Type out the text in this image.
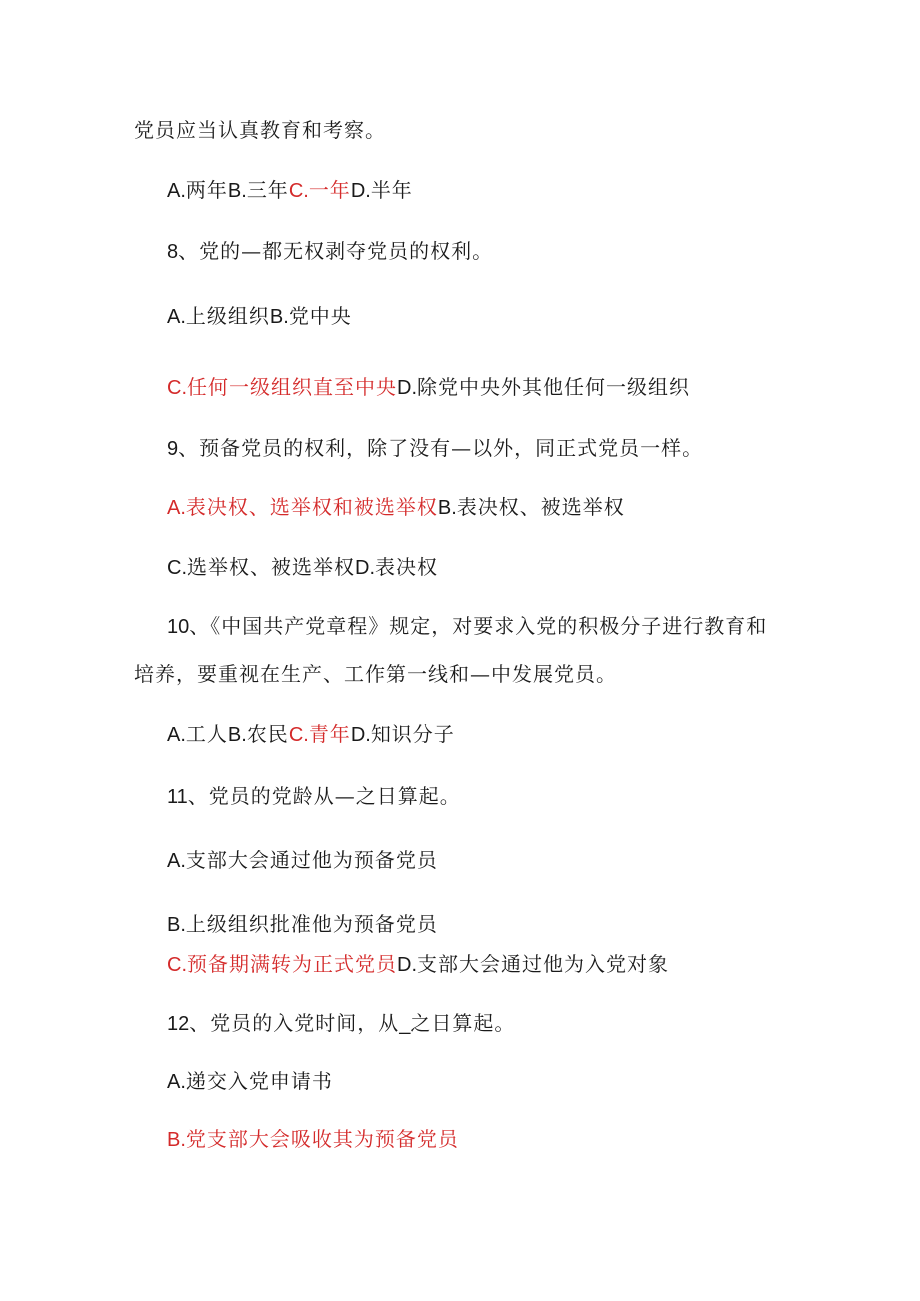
党员应当认真教育和考察。
A.两年B.三年C.一年D.半年
8、党的—都无权剥夺党员的权利。
A.上级组织B.党中央
C.任何一级组织直至中央D.除党中央外其他任何一级组织
9、预备党员的权利，除了没有—以外，同正式党员一样。
A.表决权、选举权和被选举权B.表决权、被选举权
C.选举权、被选举权D.表决权
10、《中国共产党章程》规定，对要求入党的积极分子进行教育和
培养，要重视在生产、工作第一线和—中发展党员。
A.工人B.农民C.青年D.知识分子
11、党员的党龄从—之日算起。
A.支部大会通过他为预备党员
B.上级组织批准他为预备党员
C.预备期满转为正式党员D.支部大会通过他为入党对象
12、党员的入党时间，从_之日算起。
A.递交入党申请书
B.党支部大会吸收其为预备党员
